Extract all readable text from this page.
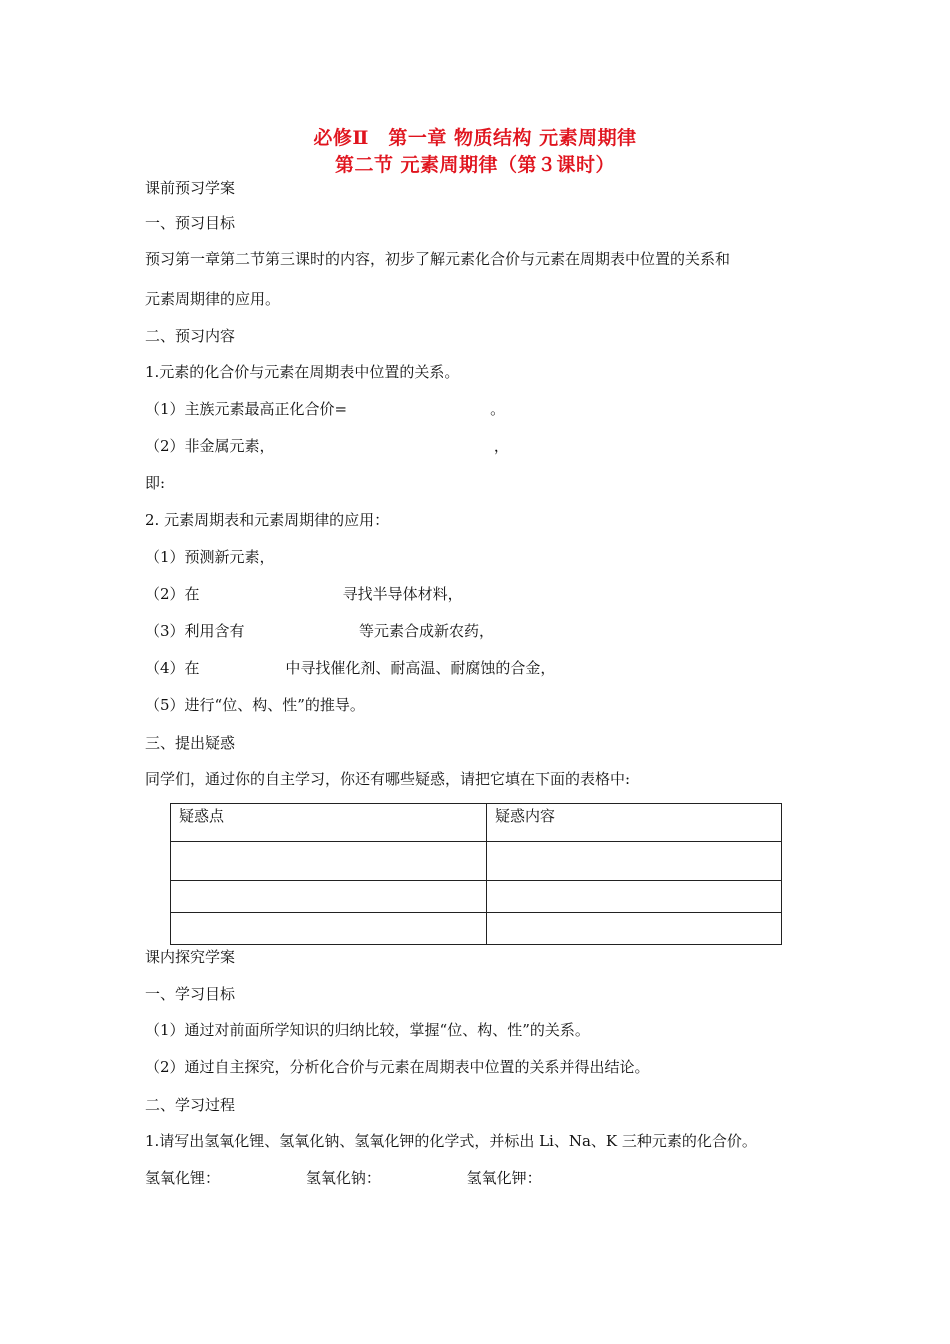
必修Ⅱ　第一章 物质结构 元素周期律
第二节 元素周期律（第３课时）
课前预习学案
一、预习目标
预习第一章第二节第三课时的内容，初步了解元素化合价与元素在周期表中位置的关系和
元素周期律的应用。
二、预习内容
1.元素的化合价与元素在周期表中位置的关系。
（1）主族元素最高正化合价=                              。
（2）非金属元素，                                              ，
即:
2. 元素周期表和元素周期律的应用：
（1）预测新元素，
（2）在                              寻找半导体材料，
（3）利用含有                        等元素合成新农药，
（4）在                  中寻找催化剂、耐高温、耐腐蚀的合金，
（5）进行“位、构、性”的推导。
三、提出疑惑
同学们，通过你的自主学习，你还有哪些疑惑，请把它填在下面的表格中:
疑惑点	疑惑内容

课内探究学案
一、学习目标
（1）通过对前面所学知识的归纳比较，掌握“位、构、性”的关系。
（2）通过自主探究，分析化合价与元素在周期表中位置的关系并得出结论。
二、学习过程
1.请写出氢氧化锂、氢氧化钠、氢氧化钾的化学式，并标出 Li、Na、K 三种元素的化合价。
氢氧化锂：                  氢氧化钠：                  氢氧化钾：
